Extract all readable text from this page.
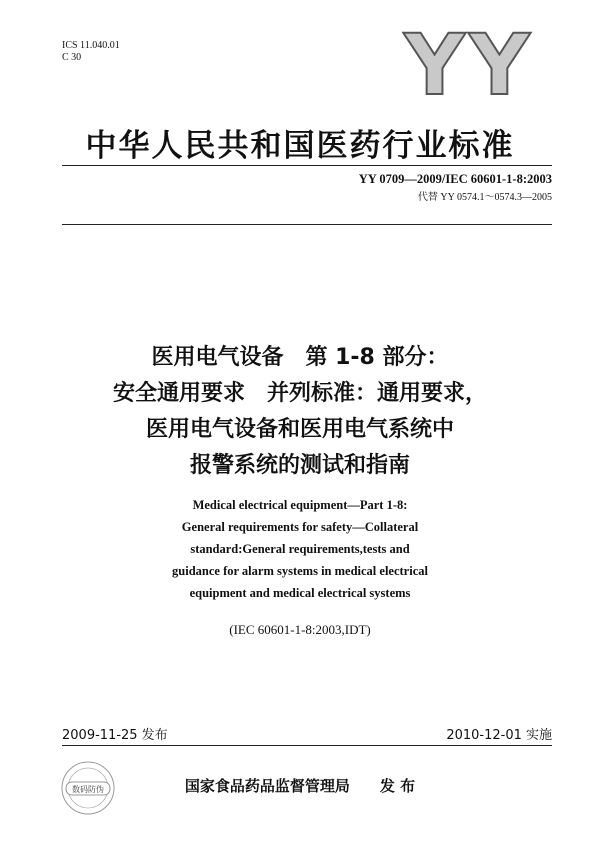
ICS 11.040.01
C 30	YY
中华人民共和国医药行业标准
YY 0709—2009/IEC 60601-1-8:2003
代替 YY 0574.1～0574.3—2005
医用电气设备　第 1-8 部分：
安全通用要求　并列标准：通用要求，
医用电气设备和医用电气系统中
报警系统的测试和指南
Medical electrical equipment—Part 1-8:
General requirements for safety—Collateral
standard:General requirements,tests and
guidance for alarm systems in medical electrical
equipment and medical electrical systems
(IEC 60601-1-8:2003,IDT)
2009-11-25 发布	2010-12-01 实施
数码防伪	国家食品药品监督管理局　　发 布
